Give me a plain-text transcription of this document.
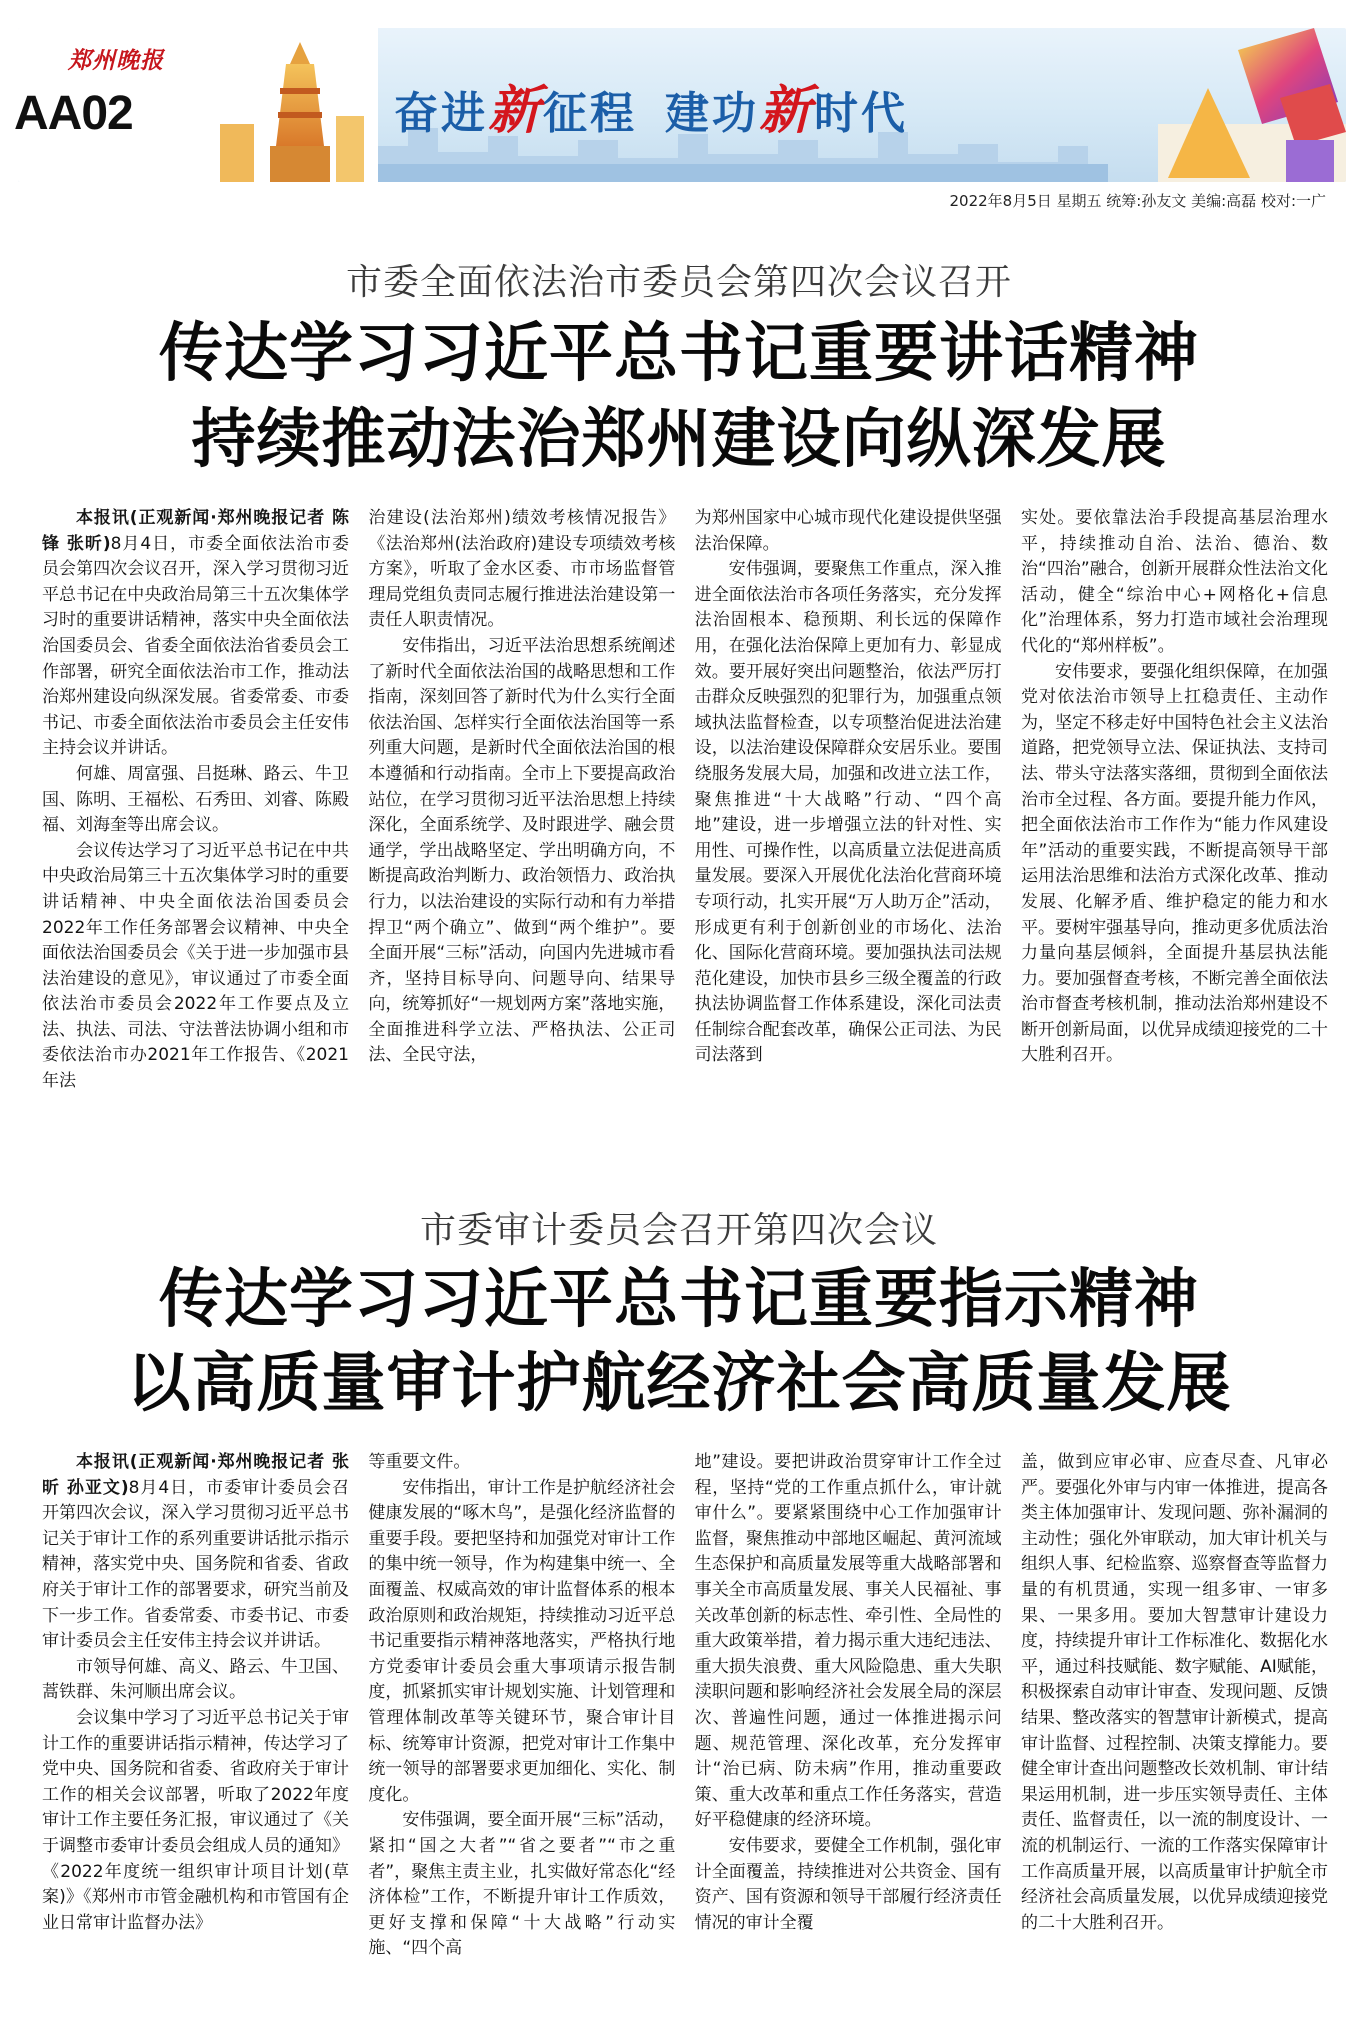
奋进新征程 建功新时代
郑州晚报
AA02
2022年8月5日 星期五 统筹:孙友文 美编:高磊 校对:一广
市委全面依法治市委员会第四次会议召开
传达学习习近平总书记重要讲话精神
持续推动法治郑州建设向纵深发展

本报讯(正观新闻·郑州晚报记者 陈锋 张昕)8月4日，市委全面依法治市委员会第四次会议召开，深入学习贯彻习近平总书记在中央政治局第三十五次集体学习时的重要讲话精神，落实中央全面依法治国委员会、省委全面依法治省委员会工作部署，研究全面依法治市工作，推动法治郑州建设向纵深发展。省委常委、市委书记、市委全面依法治市委员会主任安伟主持会议并讲话。

何雄、周富强、吕挺琳、路云、牛卫国、陈明、王福松、石秀田、刘睿、陈殿福、刘海奎等出席会议。

会议传达学习了习近平总书记在中共中央政治局第三十五次集体学习时的重要讲话精神、中央全面依法治国委员会2022年工作任务部署会议精神、中央全面依法治国委员会《关于进一步加强市县法治建设的意见》，审议通过了市委全面依法治市委员会2022年工作要点及立法、执法、司法、守法普法协调小组和市委依法治市办2021年工作报告、《2021年法

治建设(法治郑州)绩效考核情况报告》《法治郑州(法治政府)建设专项绩效考核方案》，听取了金水区委、市市场监督管理局党组负责同志履行推进法治建设第一责任人职责情况。

安伟指出，习近平法治思想系统阐述了新时代全面依法治国的战略思想和工作指南，深刻回答了新时代为什么实行全面依法治国、怎样实行全面依法治国等一系列重大问题，是新时代全面依法治国的根本遵循和行动指南。全市上下要提高政治站位，在学习贯彻习近平法治思想上持续深化，全面系统学、及时跟进学、融会贯通学，学出战略坚定、学出明确方向，不断提高政治判断力、政治领悟力、政治执行力，以法治建设的实际行动和有力举措捍卫“两个确立”、做到“两个维护”。要全面开展“三标”活动，向国内先进城市看齐，坚持目标导向、问题导向、结果导向，统筹抓好“一规划两方案”落地实施，全面推进科学立法、严格执法、公正司法、全民守法，

为郑州国家中心城市现代化建设提供坚强法治保障。

安伟强调，要聚焦工作重点，深入推进全面依法治市各项任务落实，充分发挥法治固根本、稳预期、利长远的保障作用，在强化法治保障上更加有力、彰显成效。要开展好突出问题整治，依法严厉打击群众反映强烈的犯罪行为，加强重点领域执法监督检查，以专项整治促进法治建设，以法治建设保障群众安居乐业。要围绕服务发展大局，加强和改进立法工作，聚焦推进“十大战略”行动、“四个高地”建设，进一步增强立法的针对性、实用性、可操作性，以高质量立法促进高质量发展。要深入开展优化法治化营商环境专项行动，扎实开展“万人助万企”活动，形成更有利于创新创业的市场化、法治化、国际化营商环境。要加强执法司法规范化建设，加快市县乡三级全覆盖的行政执法协调监督工作体系建设，深化司法责任制综合配套改革，确保公正司法、为民司法落到

实处。要依靠法治手段提高基层治理水平，持续推动自治、法治、德治、数治“四治”融合，创新开展群众性法治文化活动，健全“综治中心+网格化+信息化”治理体系，努力打造市域社会治理现代化的“郑州样板”。

安伟要求，要强化组织保障，在加强党对依法治市领导上扛稳责任、主动作为，坚定不移走好中国特色社会主义法治道路，把党领导立法、保证执法、支持司法、带头守法落实落细，贯彻到全面依法治市全过程、各方面。要提升能力作风，把全面依法治市工作作为“能力作风建设年”活动的重要实践，不断提高领导干部运用法治思维和法治方式深化改革、推动发展、化解矛盾、维护稳定的能力和水平。要树牢强基导向，推动更多优质法治力量向基层倾斜，全面提升基层执法能力。要加强督查考核，不断完善全面依法治市督查考核机制，推动法治郑州建设不断开创新局面，以优异成绩迎接党的二十大胜利召开。

市委审计委员会召开第四次会议
传达学习习近平总书记重要指示精神
以高质量审计护航经济社会高质量发展

本报讯(正观新闻·郑州晚报记者 张昕 孙亚文)8月4日，市委审计委员会召开第四次会议，深入学习贯彻习近平总书记关于审计工作的系列重要讲话批示指示精神，落实党中央、国务院和省委、省政府关于审计工作的部署要求，研究当前及下一步工作。省委常委、市委书记、市委审计委员会主任安伟主持会议并讲话。

市领导何雄、高义、路云、牛卫国、蒿铁群、朱河顺出席会议。

会议集中学习了习近平总书记关于审计工作的重要讲话指示精神，传达学习了党中央、国务院和省委、省政府关于审计工作的相关会议部署，听取了2022年度审计工作主要任务汇报，审议通过了《关于调整市委审计委员会组成人员的通知》《2022年度统一组织审计项目计划(草案)》《郑州市市管金融机构和市管国有企业日常审计监督办法》

等重要文件。

安伟指出，审计工作是护航经济社会健康发展的“啄木鸟”，是强化经济监督的重要手段。要把坚持和加强党对审计工作的集中统一领导，作为构建集中统一、全面覆盖、权威高效的审计监督体系的根本政治原则和政治规矩，持续推动习近平总书记重要指示精神落地落实，严格执行地方党委审计委员会重大事项请示报告制度，抓紧抓实审计规划实施、计划管理和管理体制改革等关键环节，聚合审计目标、统筹审计资源，把党对审计工作集中统一领导的部署要求更加细化、实化、制度化。

安伟强调，要全面开展“三标”活动，紧扣“国之大者”“省之要者”“市之重者”，聚焦主责主业，扎实做好常态化“经济体检”工作，不断提升审计工作质效，更好支撑和保障“十大战略”行动实施、“四个高

地”建设。要把讲政治贯穿审计工作全过程，坚持“党的工作重点抓什么，审计就审什么”。要紧紧围绕中心工作加强审计监督，聚焦推动中部地区崛起、黄河流域生态保护和高质量发展等重大战略部署和事关全市高质量发展、事关人民福祉、事关改革创新的标志性、牵引性、全局性的重大政策举措，着力揭示重大违纪违法、重大损失浪费、重大风险隐患、重大失职渎职问题和影响经济社会发展全局的深层次、普遍性问题，通过一体推进揭示问题、规范管理、深化改革，充分发挥审计“治已病、防未病”作用，推动重要政策、重大改革和重点工作任务落实，营造好平稳健康的经济环境。

安伟要求，要健全工作机制，强化审计全面覆盖，持续推进对公共资金、国有资产、国有资源和领导干部履行经济责任情况的审计全覆

盖，做到应审必审、应查尽查、凡审必严。要强化外审与内审一体推进，提高各类主体加强审计、发现问题、弥补漏洞的主动性；强化外审联动，加大审计机关与组织人事、纪检监察、巡察督查等监督力量的有机贯通，实现一组多审、一审多果、一果多用。要加大智慧审计建设力度，持续提升审计工作标准化、数据化水平，通过科技赋能、数字赋能、AI赋能，积极探索自动审计审查、发现问题、反馈结果、整改落实的智慧审计新模式，提高审计监督、过程控制、决策支撑能力。要健全审计查出问题整改长效机制、审计结果运用机制，进一步压实领导责任、主体责任、监督责任，以一流的制度设计、一流的机制运行、一流的工作落实保障审计工作高质量开展，以高质量审计护航全市经济社会高质量发展，以优异成绩迎接党的二十大胜利召开。
